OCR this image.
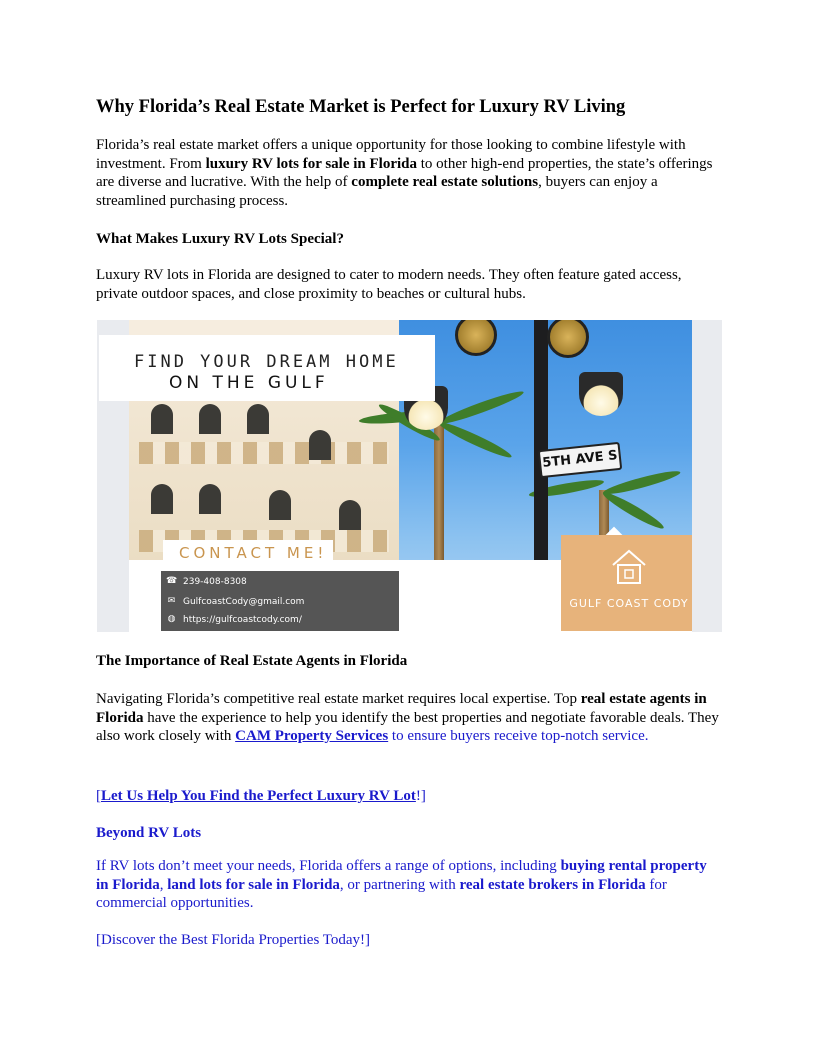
Why Florida’s Real Estate Market is Perfect for Luxury RV Living

Florida’s real estate market offers a unique opportunity for those looking to combine lifestyle with investment. From luxury RV lots for sale in Florida to other high-end properties, the state’s offerings are diverse and lucrative. With the help of complete real estate solutions, buyers can enjoy a streamlined purchasing process.

What Makes Luxury RV Lots Special?

Luxury RV lots in Florida are designed to cater to modern needs. They often feature gated access, private outdoor spaces, and close proximity to beaches or cultural hubs.

The Importance of Real Estate Agents in Florida

Navigating Florida’s competitive real estate market requires local expertise. Top real estate agents in Florida have the experience to help you identify the best properties and negotiate favorable deals. They also work closely with CAM Property Services to ensure buyers receive top-notch service.

[Let Us Help You Find the Perfect Luxury RV Lot!]

Beyond RV Lots

If RV lots don’t meet your needs, Florida offers a range of options, including buying rental property in Florida, land lots for sale in Florida, or partnering with real estate brokers in Florida for commercial opportunities.

[Discover the Best Florida Properties Today!]

5TH AVE S
☎ 239-408-8308
✉ GulfcoastCody@gmail.com
◍ https://gulfcoastcody.com/
CONTACT ME!
GULF COAST CODY
FIND YOUR DREAM HOME
ON THE GULF
